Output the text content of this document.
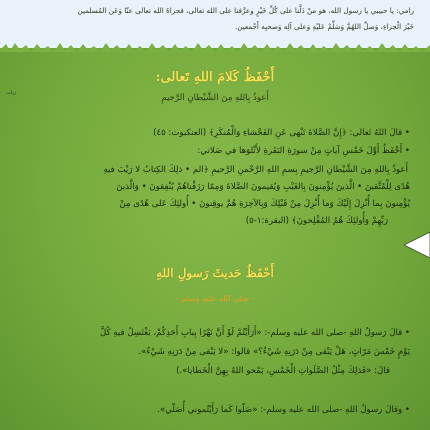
رامي: يا حبيبي يا رسول الله، هو منْ دَلَّنا على كُلِّ خَيْرٍ وعرَّفنا على الله تعالى، فجزاهُ الله تعالى عنّا وَعَن المُسلمين
خَيْرَ الْجزاءِ، وَصلِّ اللهُمَّ وَسَلِّمْ عَليْهِ وَعلى آلِه وَصحبِه أَجْمعين.
رباب
أَحْفَظُ كَلامَ اللهِ تَعالى:
أَعوذُ بِاللهِ مِنَ الشَّيْطانِ الرَّجيمِ
• قالَ اللهُ تَعالى: ﴿إِنَّ الصَّلاةَ تَنْهى عَنِ الفَحْشاءِ وَالْمُنكَرِ﴾ (العنكبوت: ٤٥)
• أَحْفَظُ أَوَّلَ خَمْسِ آياتٍ مِنْ سورَةِ البَقَرةِ لأَتْلوَها في صَلاتي:
أَعوذُ بِاللهِ مِنَ الشَّيْطانِ الرَّجيمِ بِسمِ اللهِ الرَّحْمنِ الرَّحيمِ ﴿الم • ذلِكَ الكِتابُ لا رَيْبَ فيهِ
هُدًى لِلْمُتَّقينَ • الَّذينَ يُؤْمِنونَ بِالغَيْبِ وَيُقيمونَ الصَّلاةَ وَمِمّا رَزَقْناهُمْ يُنْفِقونَ • وَالَّذينَ
يُؤْمِنونَ بِما أُنْزِلَ إِلَيْكَ وَما أُنْزِلَ مِنْ قَبْلِكَ وَبِالآخِرَةِ هُمْ يوقِنونَ • أُولئِكَ عَلى هُدًى مِنْ
رَبِّهِمْ وَأُولئِكَ هُمُ المُفْلِحونَ﴾ (البقرة:١-٥)
أَحْفَظُ حَديثَ رَسولِ اللهِ
- صلى الله عليه وسلم -
• قالَ رَسولُ اللهِ -صلى الله عليه وسلم-: «أَرَأَيْتُمْ لَوْ أَنَّ نَهْرًا بِبابِ أَحَدِكُمْ، يَغْتَسِلُ فيهِ كُلَّ
يَوْمٍ خَمْسَ مَرّاتٍ، هَلْ يَبْقى مِنْ دَرَنِهِ شَيْءٌ؟» قالوا: «لا يَبْقى مِنْ دَرَنِهِ شَيْءٌ».
قالَ: «فَذلِكَ مِثْلُ الصَّلَواتِ الْخَمْسِ، يَمْحو اللهُ بِهِنَّ الْخَطايا».)
• وقالَ رسولُ اللهِ -صلى الله عليه وسلم-: «صَلّوا كَما رَأَيْتُموني أُصَلّي».
